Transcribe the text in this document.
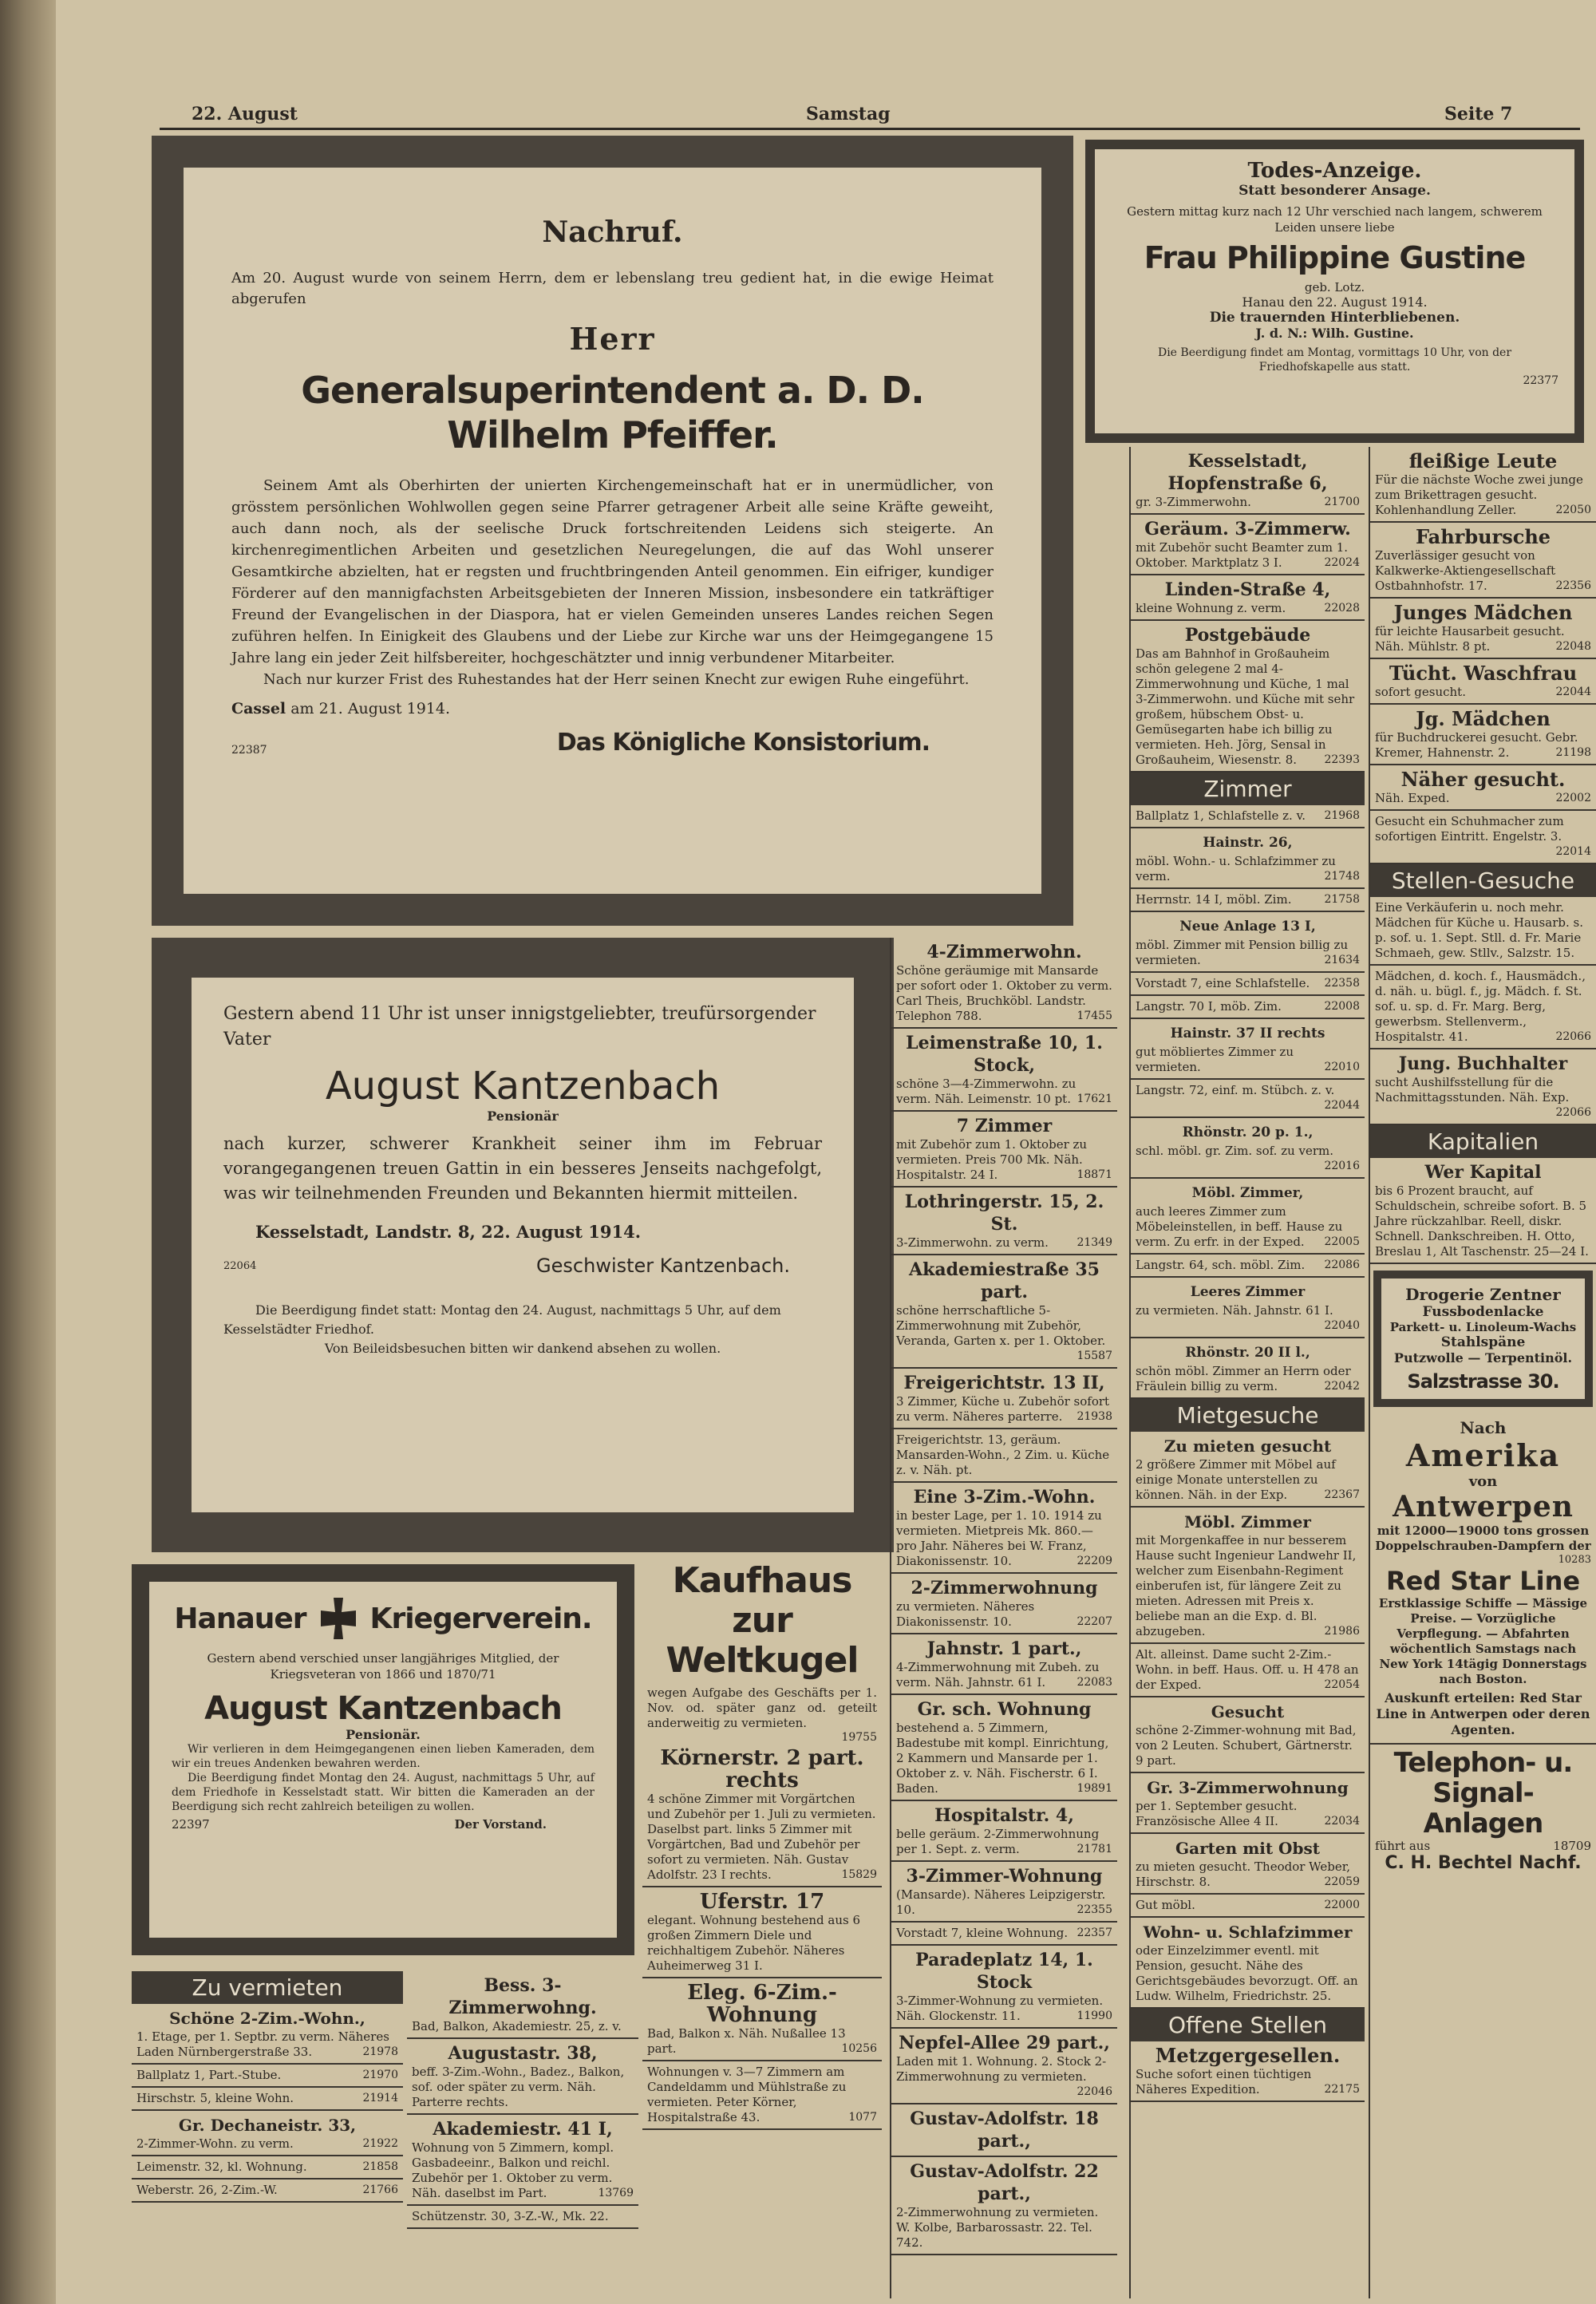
22. August	Samstag	Seite 7
Nachruf.
Am 20. August wurde von seinem Herrn, dem er lebenslang treu gedient hat, in die ewige Heimat abgerufen
Herr
Generalsuperintendent a. D. D. Wilhelm Pfeiffer.
Seinem Amt als Oberhirten der unierten Kirchengemeinschaft hat er in unermüdlicher, von grösstem persönlichen Wohlwollen gegen seine Pfarrer getragener Arbeit alle seine Kräfte geweiht, auch dann noch, als der seelische Druck fortschreitenden Leidens sich steigerte. An kirchenregimentlichen Arbeiten und gesetzlichen Neuregelungen, die auf das Wohl unserer Gesamtkirche abzielten, hat er regsten und fruchtbringenden Anteil genommen. Ein eifriger, kundiger Förderer auf den mannigfachsten Arbeitsgebieten der Inneren Mission, insbesondere ein tatkräftiger Freund der Evangelischen in der Diaspora, hat er vielen Gemeinden unseres Landes reichen Segen zuführen helfen. In Einigkeit des Glaubens und der Liebe zur Kirche war uns der Heimgegangene 15 Jahre lang ein jeder Zeit hilfsbereiter, hochgeschätzter und innig verbundener Mitarbeiter.
Nach nur kurzer Frist des Ruhestandes hat der Herr seinen Knecht zur ewigen Ruhe eingeführt.
Cassel am 21. August 1914.
22387	Das Königliche Konsistorium.
Todes-Anzeige.
Statt besonderer Ansage.
Gestern mittag kurz nach 12 Uhr verschied nach langem, schwerem Leiden unsere liebe
Frau Philippine Gustine
geb. Lotz.
Hanau den 22. August 1914.
Die trauernden Hinterbliebenen.
J. d. N.: Wilh. Gustine.
Die Beerdigung findet am Montag, vormittags 10 Uhr, von der Friedhofskapelle aus statt.
22377
Gestern abend 11 Uhr ist unser innigstgeliebter, treufürsorgender Vater
August Kantzenbach
Pensionär
nach kurzer, schwerer Krankheit seiner ihm im Februar vorangegangenen treuen Gattin in ein besseres Jenseits nachgefolgt, was wir teilnehmenden Freunden und Bekannten hiermit mitteilen.
Kesselstadt, Landstr. 8, 22. August 1914.
22064	Geschwister Kantzenbach.
Die Beerdigung findet statt: Montag den 24. August, nachmittags 5 Uhr, auf dem Kesselstädter Friedhof.
Von Beileidsbesuchen bitten wir dankend absehen zu wollen.
Hanauer Kriegerverein.
Gestern abend verschied unser langjähriges Mitglied, der Kriegsveteran von 1866 und 1870/71
August Kantzenbach
Pensionär.
Wir verlieren in dem Heimgegangenen einen lieben Kameraden, dem wir ein treues Andenken bewahren werden.
Die Beerdigung findet Montag den 24. August, nachmittags 5 Uhr, auf dem Friedhofe in Kesselstadt statt. Wir bitten die Kameraden an der Beerdigung sich recht zahlreich beteiligen zu wollen.
22397	Der Vorstand.
Kaufhaus zur Weltkugel
wegen Aufgabe des Geschäfts per 1. Nov. od. später ganz od. geteilt anderweitig zu vermieten.
19755
Körnerstr. 2 part. rechts
4 schöne Zimmer mit Vorgärtchen und Zubehör per 1. Juli zu vermieten. Daselbst part. links 5 Zimmer mit Vorgärtchen, Bad und Zubehör per sofort zu vermieten. Näh. Gustav Adolfstr. 23 I rechts.	15829
Uferstr. 17
elegant. Wohnung bestehend aus 6 großen Zimmern Diele und reichhaltigem Zubehör. Näheres Auheimerweg 31 I.
Eleg. 6-Zim.-Wohnung
Bad, Balkon x. Näh. Nußallee 13 part.	10256
Wohnungen v. 3—7 Zimmern am Candeldamm und Mühlstraße zu vermieten. Peter Körner, Hospitalstraße 43.	1077
Zu vermieten
Schöne 2-Zim.-Wohn.,
1. Etage, per 1. Septbr. zu verm. Näheres Laden Nürnbergerstraße 33.	21978
Ballplatz 1, Part.-Stube.	21970
Hirschstr. 5, kleine Wohn.	21914
Gr. Dechaneistr. 33,
2-Zimmer-Wohn. zu verm.	21922
Leimenstr. 32, kl. Wohnung.	21858
Weberstr. 26, 2-Zim.-W.	21766
Bess. 3-Zimmerwohng.
Bad, Balkon, Akademiestr. 25, z. v.
Augustastr. 38,
beff. 3-Zim.-Wohn., Badez., Balkon, sof. oder später zu verm. Näh. Parterre rechts.
Akademiestr. 41 I,
Wohnung von 5 Zimmern, kompl. Gasbadeeinr., Balkon und reichl. Zubehör per 1. Oktober zu verm. Näh. daselbst im Part.	13769
Schützenstr. 30, 3-Z.-W., Mk. 22.
4-Zimmerwohn.
Schöne geräumige mit Mansarde per sofort oder 1. Oktober zu verm. Carl Theis, Bruchköbl. Landstr. Telephon 788.	17455
Leimenstraße 10, 1. Stock,
schöne 3—4-Zimmerwohn. zu verm. Näh. Leimenstr. 10 pt. 17621
7 Zimmer
mit Zubehör zum 1. Oktober zu vermieten. Preis 700 Mk. Näh. Hospitalstr. 24 I.	18871
Lothringerstr. 15, 2. St.
3-Zimmerwohn. zu verm.	21349
Akademiestraße 35 part.
schöne herrschaftliche 5-Zimmerwohnung mit Zubehör, Veranda, Garten x. per 1. Oktober.
15587
Freigerichtstr. 13 II,
3 Zimmer, Küche u. Zubehör sofort zu verm. Näheres parterre. 21938
Freigerichtstr. 13, geräum. Mansarden-Wohn., 2 Zim. u. Küche z. v. Näh. pt.
Eine 3-Zim.-Wohn.
in bester Lage, per 1. 10. 1914 zu vermieten. Mietpreis Mk. 860.— pro Jahr. Näheres bei W. Franz, Diakonissenstr. 10.	22209
2-Zimmerwohnung
zu vermieten. Näheres Diakonissenstr. 10.	22207
Jahnstr. 1 part.,
4-Zimmerwohnung mit Zubeh. zu verm. Näh. Jahnstr. 61 I.	22083
Gr. sch. Wohnung
bestehend a. 5 Zimmern, Badestube mit kompl. Einrichtung, 2 Kammern und Mansarde per 1. Oktober z. v. Näh. Fischerstr. 6 I. Baden.	19891
Hospitalstr. 4,
belle geräum. 2-Zimmerwohnung per 1. Sept. z. verm.	21781
3-Zimmer-Wohnung
(Mansarde). Näheres Leipzigerstr. 10.	22355
Vorstadt 7, kleine Wohnung. 22357
Paradeplatz 14, 1. Stock
3-Zimmer-Wohnung zu vermieten. Näh. Glockenstr. 11.	11990
Nepfel-Allee 29 part.,
Laden mit 1. Wohnung. 2. Stock 2-Zimmerwohnung zu vermieten.
22046
Gustav-Adolfstr. 18 part.,
Gustav-Adolfstr. 22 part.,
2-Zimmerwohnung zu vermieten. W. Kolbe, Barbarossastr. 22. Tel. 742.
Kesselstadt, Hopfenstraße 6,
gr. 3-Zimmerwohn.	21700
Geräum. 3-Zimmerw.
mit Zubehör sucht Beamter zum 1. Oktober. Marktplatz 3 I.	22024
Linden-Straße 4,
kleine Wohnung z. verm.	22028
Postgebäude
Das am Bahnhof in Großauheim schön gelegene 2 mal 4-Zimmerwohnung und Küche, 1 mal 3-Zimmerwohn. und Küche mit sehr großem, hübschem Obst- u. Gemüsegarten habe ich billig zu vermieten. Heh. Jörg, Sensal in Großauheim, Wiesenstr. 8. 22393
Zimmer
Ballplatz 1, Schlafstelle z. v. 21968
Hainstr. 26,
möbl. Wohn.- u. Schlafzimmer zu verm.	21748
Herrnstr. 14 I, möbl. Zim.	21758
Neue Anlage 13 I,
möbl. Zimmer mit Pension billig zu vermieten.	21634
Vorstadt 7, eine Schlafstelle. 22358
Langstr. 70 I, möb. Zim.	22008
Hainstr. 37 II rechts
gut möbliertes Zimmer zu vermieten.	22010
Langstr. 72, einf. m. Stübch. z. v.
22044
Rhönstr. 20 p. 1.,
schl. möbl. gr. Zim. sof. zu verm.
22016
Möbl. Zimmer,
auch leeres Zimmer zum Möbeleinstellen, in beff. Hause zu verm. Zu erfr. in der Exped. 22005
Langstr. 64, sch. möbl. Zim. 22086
Leeres Zimmer
zu vermieten. Näh. Jahnstr. 61 I.
22040
Rhönstr. 20 II l.,
schön möbl. Zimmer an Herrn oder Fräulein billig zu verm.	22042
Mietgesuche
Zu mieten gesucht
2 größere Zimmer mit Möbel auf einige Monate unterstellen zu können. Näh. in der Exp.	22367
Möbl. Zimmer
mit Morgenkaffee in nur besserem Hause sucht Ingenieur Landwehr II, welcher zum Eisenbahn-Regiment einberufen ist, für längere Zeit zu mieten. Adressen mit Preis x. beliebe man an die Exp. d. Bl. abzugeben.	21986
Alt. alleinst. Dame sucht 2-Zim.-Wohn. in beff. Haus. Off. u. H 478 an der Exped.	22054
Gesucht
schöne 2-Zimmer-wohnung mit Bad, von 2 Leuten. Schubert, Gärtnerstr. 9 part.
Gr. 3-Zimmerwohnung
per 1. September gesucht. Französische Allee 4 II.	22034
Garten mit Obst
zu mieten gesucht. Theodor Weber, Hirschstr. 8.	22059
Gut möbl.	22000
Wohn- u. Schlafzimmer
oder Einzelzimmer eventl. mit Pension, gesucht. Nähe des Gerichtsgebäudes bevorzugt. Off. an Ludw. Wilhelm, Friedrichstr. 25.
Offene Stellen
Metzgergesellen.
Suche sofort einen tüchtigen Näheres Expedition.	22175
fleißige Leute
Für die nächste Woche zwei junge zum Brikettragen gesucht. Kohlenhandlung Zeller.	22050
Fahrbursche
Zuverlässiger gesucht von Kalkwerke-Aktiengesellschaft Ostbahnhofstr. 17.	22356
Junges Mädchen
für leichte Hausarbeit gesucht. Näh. Mühlstr. 8 pt.	22048
Tücht. Waschfrau
sofort gesucht.	22044
Jg. Mädchen
für Buchdruckerei gesucht. Gebr. Kremer, Hahnenstr. 2.	21198
Näher gesucht.
Näh. Exped.	22002
Gesucht ein Schuhmacher zum sofortigen Eintritt. Engelstr. 3.
22014
Stellen-Gesuche
Eine Verkäuferin u. noch mehr. Mädchen für Küche u. Hausarb. s. p. sof. u. 1. Sept. Stll. d. Fr. Marie Schmaeh, gew. Stllv., Salzstr. 15.
Mädchen, d. koch. f., Hausmädch., d. näh. u. bügl. f., jg. Mädch. f. St. sof. u. sp. d. Fr. Marg. Berg, gewerbsm. Stellenverm., Hospitalstr. 41.	22066
Jung. Buchhalter
sucht Aushilfsstellung für die Nachmittagsstunden. Näh. Exp.
22066
Kapitalien
Wer Kapital
bis 6 Prozent braucht, auf Schuldschein, schreibe sofort. B. 5 Jahre rückzahlbar. Reell, diskr. Schnell. Dankschreiben. H. Otto, Breslau 1, Alt Taschenstr. 25—24 I.
Drogerie Zentner
Fussbodenlacke
Parkett- u. Linoleum-Wachs
Stahlspäne
Putzwolle — Terpentinöl.
Salzstrasse 30.
Nach
Amerika
von
Antwerpen
mit 12000—19000 tons grossen Doppelschrauben-Dampfern der
10283
Red Star Line
Erstklassige Schiffe — Mässige Preise. — Vorzügliche Verpflegung. — Abfahrten wöchentlich Samstags nach New York 14tägig Donnerstags nach Boston.
Auskunft erteilen: Red Star Line in Antwerpen oder deren Agenten.
Telephon- u. Signal-Anlagen
führt aus	18709
C. H. Bechtel Nachf.
